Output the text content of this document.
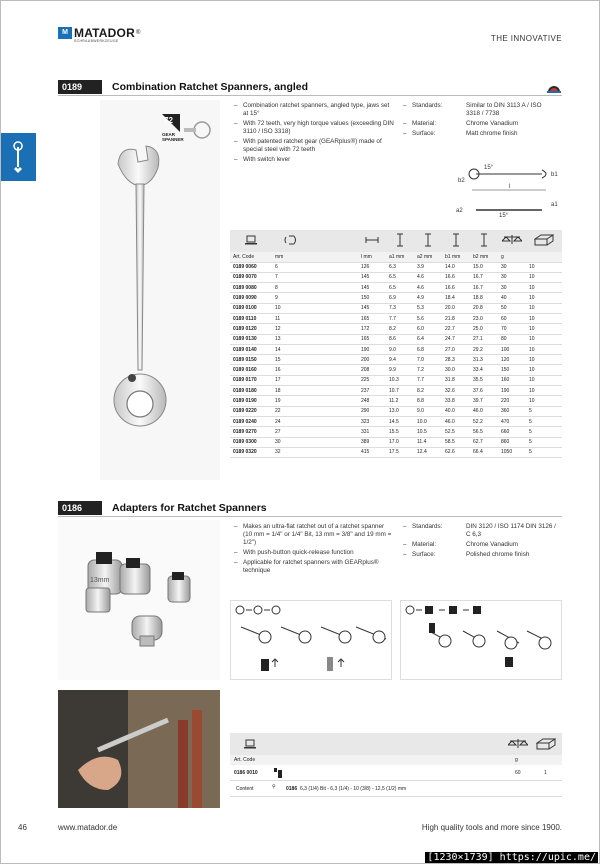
M MATADOR ®
SCHRAUBWERKZEUGE	THE INNOVATIVE
0189	Combination Ratchet Spanners, angled
72
GEAR SPANNER
– Combination ratchet spanners, angled type, jaws set at 15°
– With 72 teeth, very high torque values (exceeding DIN 3110 / ISO 3318)
– With patented ratchet gear (GEARplus®) made of special steel with 72 teeth
– With switch lever
– Standards:	Similar to DIN 3113 A / ISO 3318 / 7738
– Material:	Chrome Vanadium
– Surface:	Matt chrome finish
15°
15°
b1
b2
l
a1
a2

Art. Code	mm		l mm	a1 mm	a2 mm	b1 mm	b2 mm	g	
0189 0060	6		126	6.3	3.9	14.0	15.0	30	10
0189 0070	7		145	6.5	4.6	16.6	16.7	30	10
0189 0080	8		145	6.5	4.6	16.6	16.7	30	10
0189 0090	9		150	6.9	4.9	18.4	18.8	40	10
0189 0100	10		145	7.3	5.3	20.0	20.8	50	10
0189 0110	11		165	7.7	5.6	21.8	23.0	60	10
0189 0120	12		172	8.2	6.0	22.7	25.0	70	10
0189 0130	13		165	8.6	6.4	24.7	27.1	80	10
0189 0140	14		190	9.0	6.8	27.0	29.2	100	10
0189 0150	15		200	9.4	7.0	28.3	31.3	120	10
0189 0160	16		208	9.9	7.2	30.0	33.4	150	10
0189 0170	17		225	10.3	7.7	31.8	35.5	160	10
0189 0180	18		237	10.7	8.2	32.6	37.6	190	10
0189 0190	19		248	11.2	8.8	33.8	39.7	220	10
0189 0220	22		290	13.0	9.0	40.0	46.0	360	5
0189 0240	24		323	14.5	10.0	46.0	52.2	470	5
0189 0270	27		331	15.5	10.5	52.5	56.5	660	5
0189 0300	30		389	17.0	11.4	58.5	62.7	860	5
0189 0320	32		415	17.5	12.4	62.6	66.4	1050	5
0186	Adapters for Ratchet Spanners
13mm
– Makes an ultra-flat ratchet out of a ratchet spanner (10 mm = 1/4" or 1/4" Bit, 13 mm = 3/8" and 19 mm = 1/2")
– With push-button quick-release function
– Applicable for ratchet spanners with GEARplus® technique
– Standards:	DIN 3120 / ISO 1174 DIN 3126 / C 6,3
– Material:	Chrome Vanadium
– Surface:	Polished chrome finish
Art. Code	g
0186 0010	60	1
Content	⚲ 0186 6,3 (1/4) Bit - 6,3 (1/4) - 10 (3/8) - 12,5 (1/2) mm
46	www.matador.de	High quality tools and more since 1900.
[1230×1739] https://upic.me/
